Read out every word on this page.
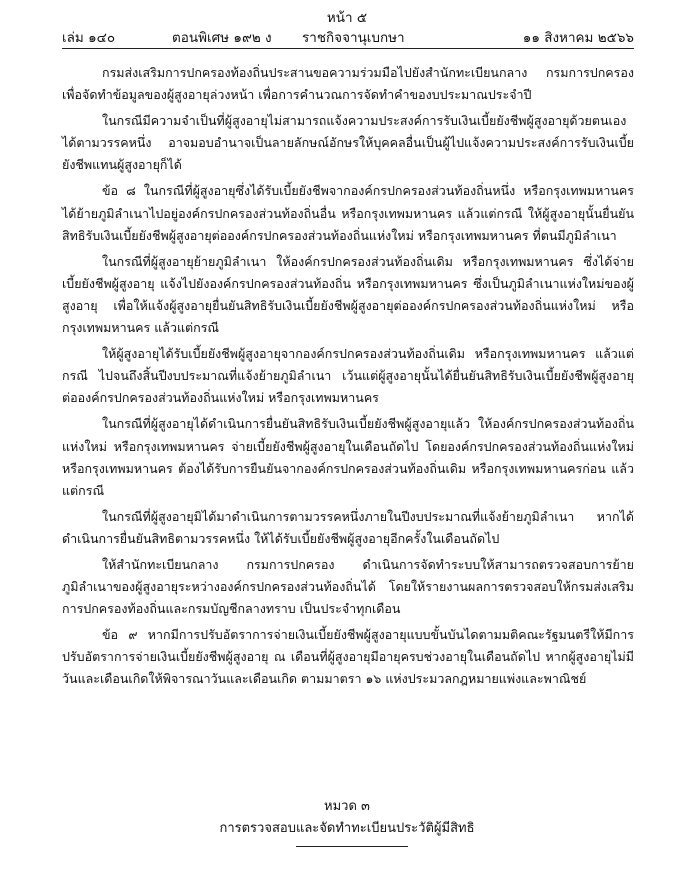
หน้า ๕
เล่ม ๑๔๐	ตอนพิเศษ ๑๙๒ ง ราชกิจจานุเบกษา	๑๑ สิงหาคม ๒๕๖๖

กรมส่งเสริมการปกครองท้องถิ่นประสานขอความร่วมมือไปยังสำนักทะเบียนกลาง กรมการปกครอง เพื่อจัดทำข้อมูลของผู้สูงอายุล่วงหน้า เพื่อการคำนวณการจัดทำคำของบประมาณประจำปี

ในกรณีมีความจำเป็นที่ผู้สูงอายุไม่สามารถแจ้งความประสงค์การรับเงินเบี้ยยังชีพผู้สูงอายุด้วยตนเองได้ตามวรรคหนึ่ง อาจมอบอำนาจเป็นลายลักษณ์อักษรให้บุคคลอื่นเป็นผู้ไปแจ้งความประสงค์การรับเงินเบี้ยยังชีพแทนผู้สูงอายุก็ได้

ข้อ ๘ ในกรณีที่ผู้สูงอายุซึ่งได้รับเบี้ยยังชีพจากองค์กรปกครองส่วนท้องถิ่นหนึ่ง หรือกรุงเทพมหานคร ได้ย้ายภูมิลำเนาไปอยู่องค์กรปกครองส่วนท้องถิ่นอื่น หรือกรุงเทพมหานคร แล้วแต่กรณี ให้ผู้สูงอายุนั้นยื่นยันสิทธิรับเงินเบี้ยยังชีพผู้สูงอายุต่อองค์กรปกครองส่วนท้องถิ่นแห่งใหม่ หรือกรุงเทพมหานคร ที่ตนมีภูมิลำเนา

ในกรณีที่ผู้สูงอายุย้ายภูมิลำเนา ให้องค์กรปกครองส่วนท้องถิ่นเดิม หรือกรุงเทพมหานคร ซึ่งได้จ่ายเบี้ยยังชีพผู้สูงอายุ แจ้งไปยังองค์กรปกครองส่วนท้องถิ่น หรือกรุงเทพมหานคร ซึ่งเป็นภูมิลำเนาแห่งใหม่ของผู้สูงอายุ เพื่อให้แจ้งผู้สูงอายุยื่นยันสิทธิรับเงินเบี้ยยังชีพผู้สูงอายุต่อองค์กรปกครองส่วนท้องถิ่นแห่งใหม่ หรือกรุงเทพมหานคร แล้วแต่กรณี

ให้ผู้สูงอายุได้รับเบี้ยยังชีพผู้สูงอายุจากองค์กรปกครองส่วนท้องถิ่นเดิม หรือกรุงเทพมหานคร แล้วแต่กรณี ไปจนถึงสิ้นปีงบประมาณที่แจ้งย้ายภูมิลำเนา เว้นแต่ผู้สูงอายุนั้นได้ยื่นยันสิทธิรับเงินเบี้ยยังชีพผู้สูงอายุต่อองค์กรปกครองส่วนท้องถิ่นแห่งใหม่ หรือกรุงเทพมหานคร

ในกรณีที่ผู้สูงอายุได้ดำเนินการยื่นยันสิทธิรับเงินเบี้ยยังชีพผู้สูงอายุแล้ว ให้องค์กรปกครองส่วนท้องถิ่นแห่งใหม่ หรือกรุงเทพมหานคร จ่ายเบี้ยยังชีพผู้สูงอายุในเดือนถัดไป โดยองค์กรปกครองส่วนท้องถิ่นแห่งใหม่ หรือกรุงเทพมหานคร ต้องได้รับการยืนยันจากองค์กรปกครองส่วนท้องถิ่นเดิม หรือกรุงเทพมหานครก่อน แล้วแต่กรณี

ในกรณีที่ผู้สูงอายุมิได้มาดำเนินการตามวรรคหนึ่งภายในปีงบประมาณที่แจ้งย้ายภูมิลำเนา หากได้ดำเนินการยื่นยันสิทธิตามวรรคหนึ่ง ให้ได้รับเบี้ยยังชีพผู้สูงอายุอีกครั้งในเดือนถัดไป

ให้สำนักทะเบียนกลาง กรมการปกครอง ดำเนินการจัดทำระบบให้สามารถตรวจสอบการย้ายภูมิลำเนาของผู้สูงอายุระหว่างองค์กรปกครองส่วนท้องถิ่นได้ โดยให้รายงานผลการตรวจสอบให้กรมส่งเสริมการปกครองท้องถิ่นและกรมบัญชีกลางทราบ เป็นประจำทุกเดือน

ข้อ ๙ หากมีการปรับอัตราการจ่ายเงินเบี้ยยังชีพผู้สูงอายุแบบขั้นบันไดตามมติคณะรัฐมนตรีให้มีการปรับอัตราการจ่ายเงินเบี้ยยังชีพผู้สูงอายุ ณ เดือนที่ผู้สูงอายุมีอายุครบช่วงอายุในเดือนถัดไป หากผู้สูงอายุไม่มีวันและเดือนเกิดให้พิจารณาวันและเดือนเกิด ตามมาตรา ๑๖ แห่งประมวลกฎหมายแพ่งและพาณิชย์

หมวด ๓
การตรวจสอบและจัดทำทะเบียนประวัติผู้มีสิทธิ
